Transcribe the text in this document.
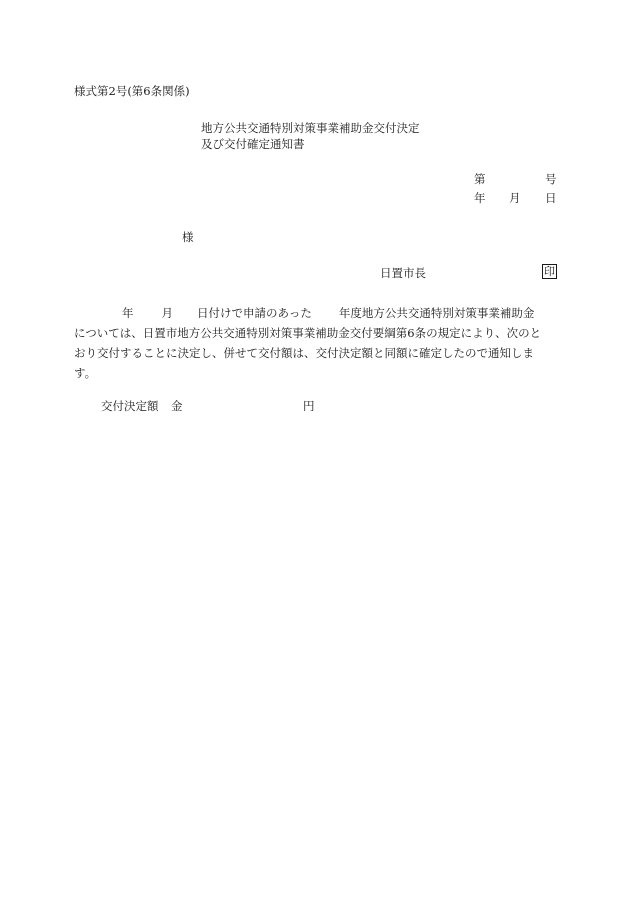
様式第2号(第6条関係)
地方公共交通特別対策事業補助金交付決定
及び交付確定通知書
第	号
年 月 日
様
日置市長	印
年 月 日付けで申請のあった 年度地方公共交通特別対策事業補助金
については、日置市地方公共交通特別対策事業補助金交付要綱第6条の規定により、次のと
おり交付することに決定し、併せて交付額は、交付決定額と同額に確定したので通知しま
す。
交付決定額 金	円
